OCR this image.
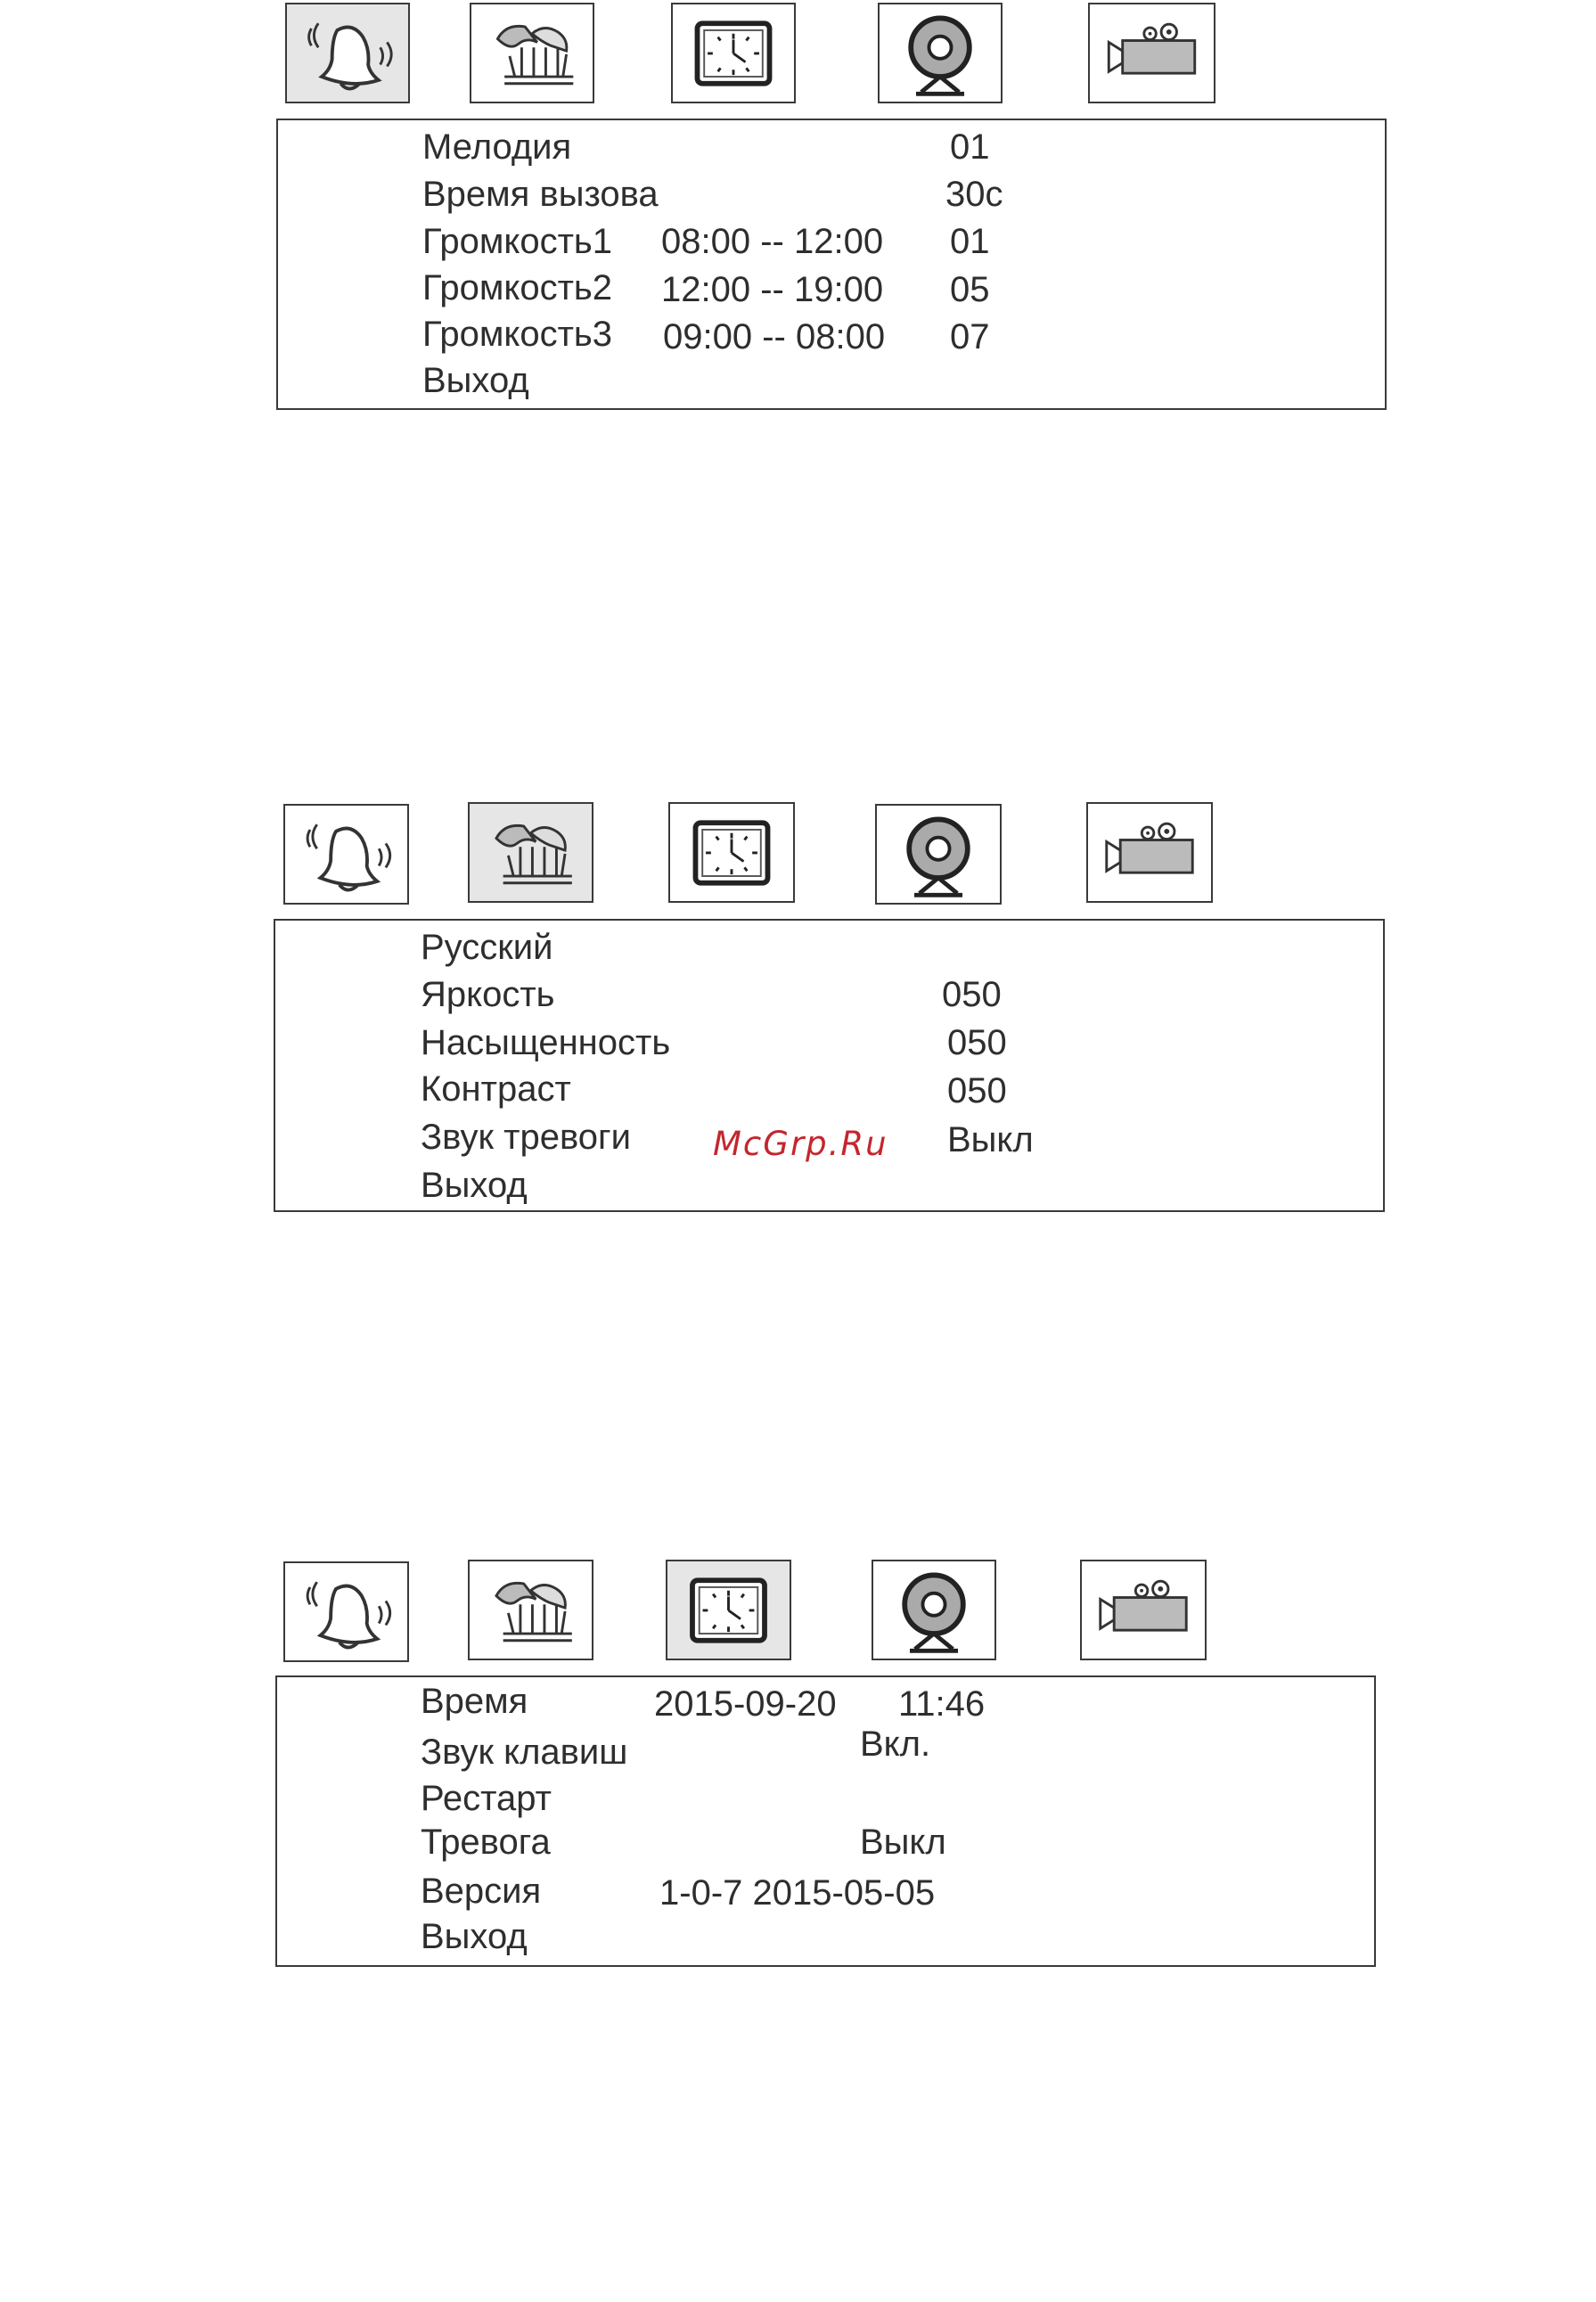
Мелодия	01
Время вызова	30c
Громкость1 08:00 -- 12:00 01
Громкость2 12:00 -- 19:00 05
Громкость3 09:00 -- 08:00 07
Выход
Русский
Яркость	050
Насыщенность	050
Контраст	050
Звук тревоги	Выкл
Выход
McGrp.Ru
Время	2015-09-20 11:46
Звук клавиш	Вкл.
Рестарт
Тревога	Выкл
Версия	1-0-7 2015-05-05
Выход
